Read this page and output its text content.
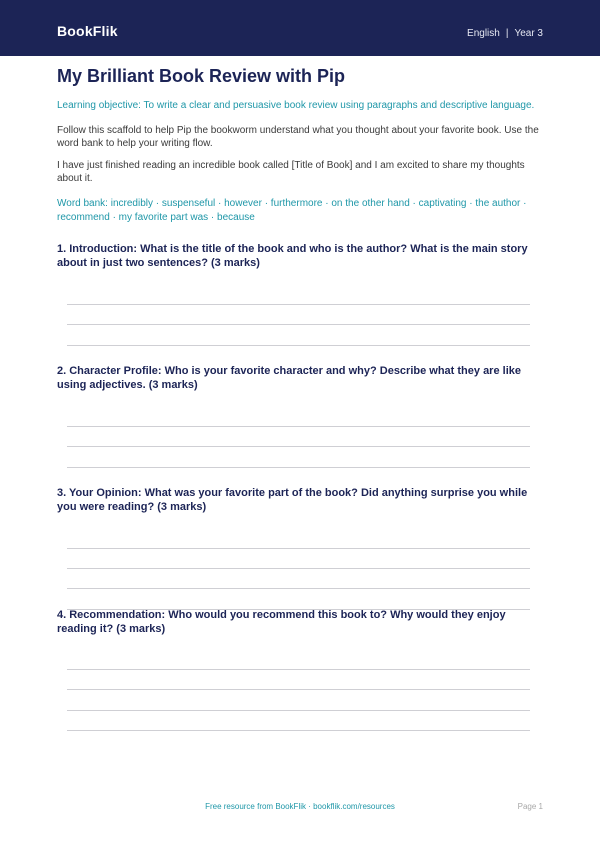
BookFlik	English | Year 3
My Brilliant Book Review with Pip
Learning objective: To write a clear and persuasive book review using paragraphs and descriptive language.
Follow this scaffold to help Pip the bookworm understand what you thought about your favorite book. Use the word bank to help your writing flow.
I have just finished reading an incredible book called [Title of Book] and I am excited to share my thoughts about it.
Word bank: incredibly · suspenseful · however · furthermore · on the other hand · captivating · the author · recommend · my favorite part was · because
1. Introduction: What is the title of the book and who is the author? What is the main story about in just two sentences? (3 marks)
2. Character Profile: Who is your favorite character and why? Describe what they are like using adjectives. (3 marks)
3. Your Opinion: What was your favorite part of the book? Did anything surprise you while you were reading? (3 marks)
4. Recommendation: Who would you recommend this book to? Why would they enjoy reading it? (3 marks)
Free resource from BookFlik · bookflik.com/resources	Page 1
